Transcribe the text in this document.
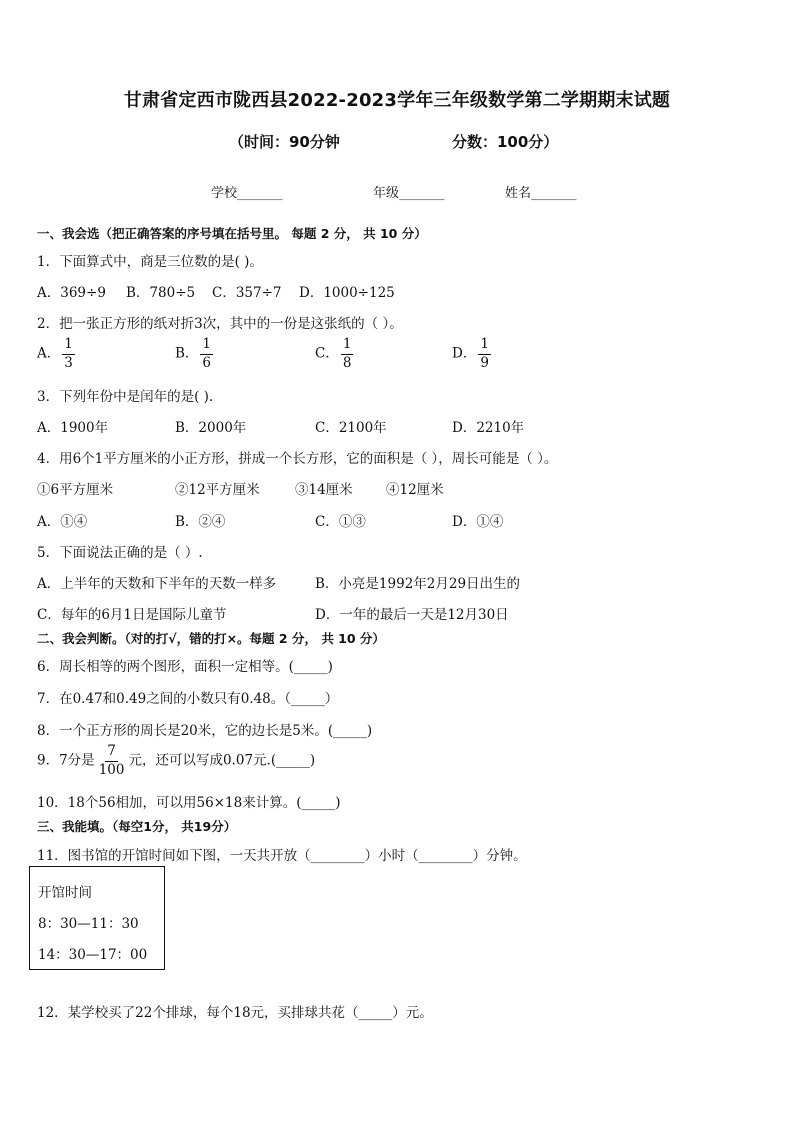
甘肃省定西市陇西县2022-2023学年三年级数学第二学期期末试题
（时间：90分钟	分数：100分）
学校_______	年级_______	姓名_______
一、我会选（把正确答案的序号填在括号里。 每题 2 分， 共 10 分）
1．下面算式中，商是三位数的是( )。
A．369÷9 B．780÷5 C．357÷7 D．1000÷125
2．把一张正方形的纸对折3次，其中的一份是这张纸的（ ）。
A． $\frac{1}{3}$	B． $\frac{1}{6}$	C． $\frac{1}{8}$	D． $\frac{1}{9}$
3．下列年份中是闰年的是( ).
A．1900年	B．2000年	C．2100年	D．2210年
4．用6个1平方厘米的小正方形，拼成一个长方形，它的面积是（ ），周长可能是（ ）。
①6平方厘米	②12平方厘米	③14厘米 ④12厘米
A．①④	B．②④	C．①③	D．①④
5．下面说法正确的是（ ）.
A．上半年的天数和下半年的天数一样多	B．小亮是1992年2月29日出生的
C．每年的6月1日是国际儿童节	D．一年的最后一天是12月30日
二、我会判断。（对的打√，错的打×。每题 2 分， 共 10 分）
6．周长相等的两个图形，面积一定相等。(_____)
7．在0.47和0.49之间的小数只有0.48。（_____）
8．一个正方形的周长是20米，它的边长是5米。(_____)
9．7分是 $\frac{7}{100}$ 元，还可以写成0.07元.(_____)
10．18个56相加，可以用56×18来计算。(_____)
三、我能填。（每空1分， 共19分）
11．图书馆的开馆时间如下图，一天共开放（________）小时（________）分钟。
开馆时间
8：30—11：30
14：30—17：00
12．某学校买了22个排球，每个18元，买排球共花（_____）元。
